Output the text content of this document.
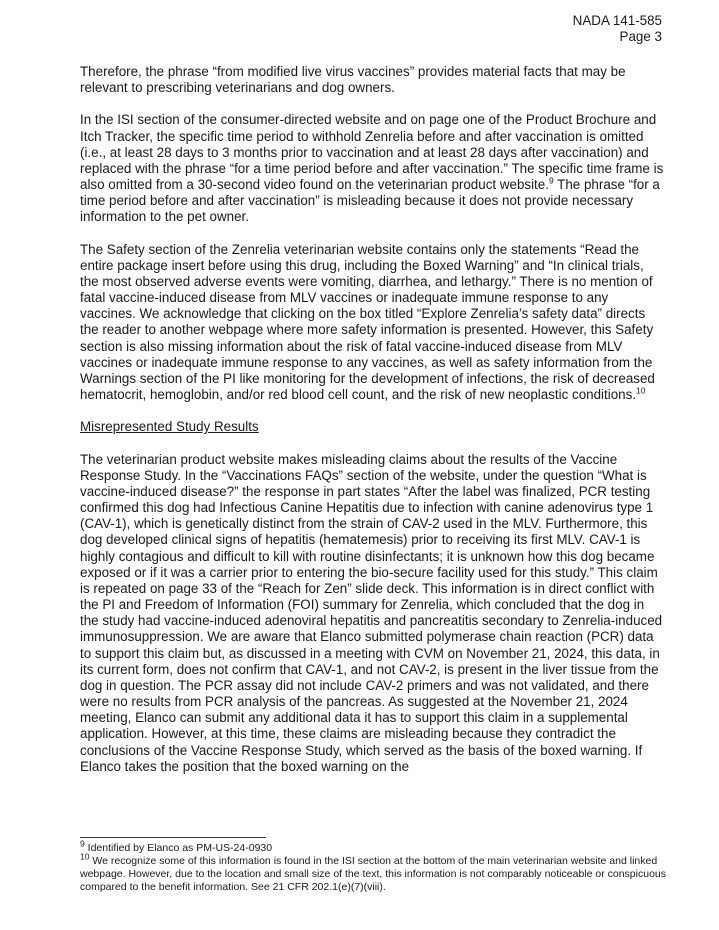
NADA 141-585
Page 3

Therefore, the phrase “from modified live virus vaccines” provides material facts that may be relevant to prescribing veterinarians and dog owners.

In the ISI section of the consumer-directed website and on page one of the Product Brochure and Itch Tracker, the specific time period to withhold Zenrelia before and after vaccination is omitted (i.e., at least 28 days to 3 months prior to vaccination and at least 28 days after vaccination) and replaced with the phrase “for a time period before and after vaccination.” The specific time frame is also omitted from a 30-second video found on the veterinarian product website.$^9$ The phrase “for a time period before and after vaccination” is misleading because it does not provide necessary information to the pet owner.

The Safety section of the Zenrelia veterinarian website contains only the statements “Read the entire package insert before using this drug, including the Boxed Warning” and “In clinical trials, the most observed adverse events were vomiting, diarrhea, and lethargy.” There is no mention of fatal vaccine-induced disease from MLV vaccines or inadequate immune response to any vaccines. We acknowledge that clicking on the box titled “Explore Zenrelia’s safety data” directs the reader to another webpage where more safety information is presented. However, this Safety section is also missing information about the risk of fatal vaccine-induced disease from MLV vaccines or inadequate immune response to any vaccines, as well as safety information from the Warnings section of the PI like monitoring for the development of infections, the risk of decreased hematocrit, hemoglobin, and/or red blood cell count, and the risk of new neoplastic conditions.$^{10}$

Misrepresented Study Results

The veterinarian product website makes misleading claims about the results of the Vaccine Response Study. In the “Vaccinations FAQs” section of the website, under the question “What is vaccine-induced disease?” the response in part states “After the label was finalized, PCR testing confirmed this dog had Infectious Canine Hepatitis due to infection with canine adenovirus type 1 (CAV-1), which is genetically distinct from the strain of CAV-2 used in the MLV. Furthermore, this dog developed clinical signs of hepatitis (hematemesis) prior to receiving its first MLV. CAV-1 is highly contagious and difficult to kill with routine disinfectants; it is unknown how this dog became exposed or if it was a carrier prior to entering the bio-secure facility used for this study.” This claim is repeated on page 33 of the “Reach for Zen” slide deck. This information is in direct conflict with the PI and Freedom of Information (FOI) summary for Zenrelia, which concluded that the dog in the study had vaccine-induced adenoviral hepatitis and pancreatitis secondary to Zenrelia-induced immunosuppression. We are aware that Elanco submitted polymerase chain reaction (PCR) data to support this claim but, as discussed in a meeting with CVM on November 21, 2024, this data, in its current form, does not confirm that CAV-1, and not CAV-2, is present in the liver tissue from the dog in question. The PCR assay did not include CAV-2 primers and was not validated, and there were no results from PCR analysis of the pancreas. As suggested at the November 21, 2024 meeting, Elanco can submit any additional data it has to support this claim in a supplemental application. However, at this time, these claims are misleading because they contradict the conclusions of the Vaccine Response Study, which served as the basis of the boxed warning. If Elanco takes the position that the boxed warning on the

$^9$ Identified by Elanco as PM-US-24-0930

$^{10}$ We recognize some of this information is found in the ISI section at the bottom of the main veterinarian website and linked webpage. However, due to the location and small size of the text, this information is not comparably noticeable or conspicuous compared to the benefit information. See 21 CFR 202.1(e)(7)(viii).
